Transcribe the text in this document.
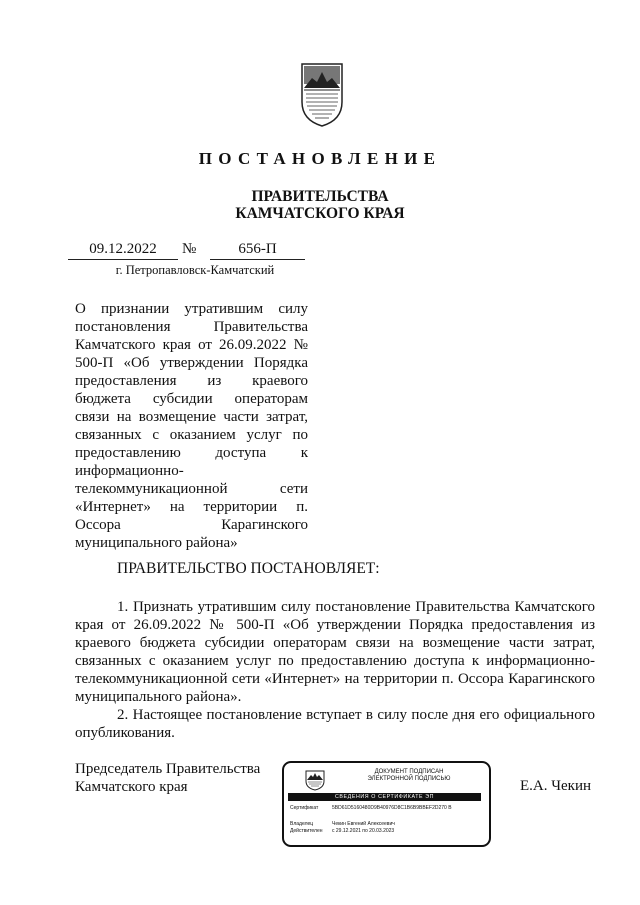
ПОСТАНОВЛЕНИЕ
ПРАВИТЕЛЬСТВА
КАМЧАТСКОГО КРАЯ
09.12.2022	№	656-П
г. Петропавловск-Камчатский
О признании утратившим силу постановления Правительства Камчатского края от 26.09.2022 № 500-П «Об утверждении Порядка предоставления из краевого бюджета субсидии операторам связи на возмещение части затрат, связанных с оказанием услуг по предоставлению доступа к информационно-телекоммуникационной сети «Интернет» на территории п. Оссора Карагинского муниципального района»
ПРАВИТЕЛЬСТВО ПОСТАНОВЛЯЕТ:

1. Признать утратившим силу постановление Правительства Камчатского края от 26.09.2022 № 500-П «Об утверждении Порядка предоставления из краевого бюджета субсидии операторам связи на возмещение части затрат, связанных с оказанием услуг по предоставлению доступа к информационно-телекоммуникационной сети «Интернет» на территории п. Оссора Карагинского муниципального района».

2. Настоящее постановление вступает в силу после дня его официального опубликования.

Председатель Правительства
Камчатского края	Е.А. Чекин
ДОКУМЕНТ ПОДПИСАН
ЭЛЕКТРОННОЙ ПОДПИСЬЮ
СВЕДЕНИЯ О СЕРТИФИКАТЕ ЭП
Сертификат	5BD61D5160480D9B40976D8C1B6B9BBEF2D270 B
Владелец	Чекин Евгений Алексеевич
Действителен с 29.12.2021 по 20.03.2023
